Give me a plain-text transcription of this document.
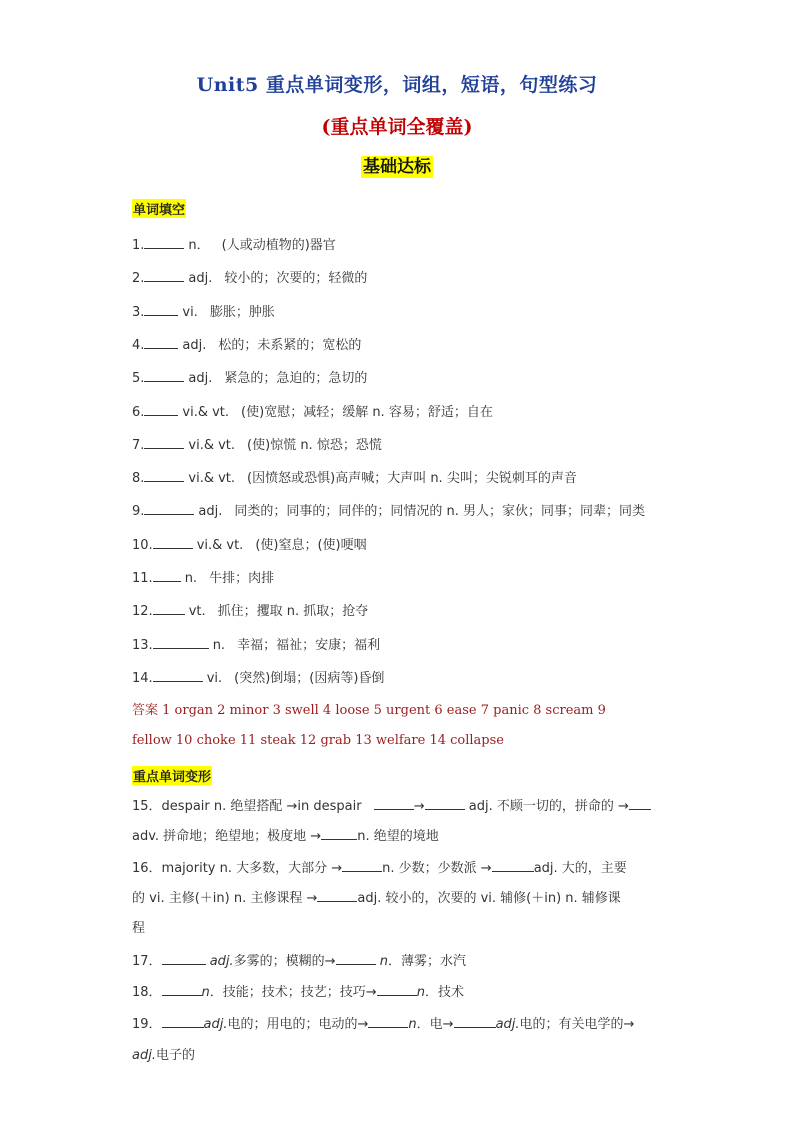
Unit5 重点单词变形，词组，短语，句型练习
(重点单词全覆盖)
基础达标
单词填空
1.	n． (人或动植物的)器官
2.	adj. 较小的；次要的；轻微的
3.	vi. 膨胀；肿胀
4.	adj. 松的；未系紧的；宽松的
5.	adj. 紧急的；急迫的；急切的
6.	vi.& vt. (使)宽慰；减轻；缓解 n. 容易；舒适；自在
7.	vi.& vt. (使)惊慌 n. 惊恐；恐慌
8.	vi.& vt. (因愤怒或恐惧)高声喊；大声叫 n. 尖叫；尖锐刺耳的声音
9.	adj. 同类的；同事的；同伴的；同情况的 n. 男人；家伙；同事；同辈；同类
10.	vi.& vt. (使)窒息；(使)哽咽
11. n. 牛排；肉排
12.	vt. 抓住；攫取 n. 抓取；抢夺
13.	n. 幸福；福祉；安康；福利
14.	vi. (突然)倒塌；(因病等)昏倒
答案 1 organ 2 minor 3 swell 4 loose 5 urgent 6 ease 7 panic 8 scream 9
fellow 10 choke 11 steak 12 grab 13 welfare 14 collapse
重点单词变形
15．despair n. 绝望搭配 →in despair	→	adj. 不顾一切的，拼命的 →
adv. 拼命地；绝望地；极度地 →	n. 绝望的境地
16．majority n. 大多数，大部分 →	n. 少数；少数派 →	adj. 大的，主要
的 vi. 主修(＋in) n. 主修课程 →	adj. 较小的，次要的 vi. 辅修(＋in) n. 辅修课
程
17．	adj.多雾的；模糊的→	n．薄雾；水汽
18．	n．技能；技术；技艺；技巧→	n．技术
19．	adj.电的；用电的；电动的→	n．电→	adj.电的；有关电学的→
adj.电子的
